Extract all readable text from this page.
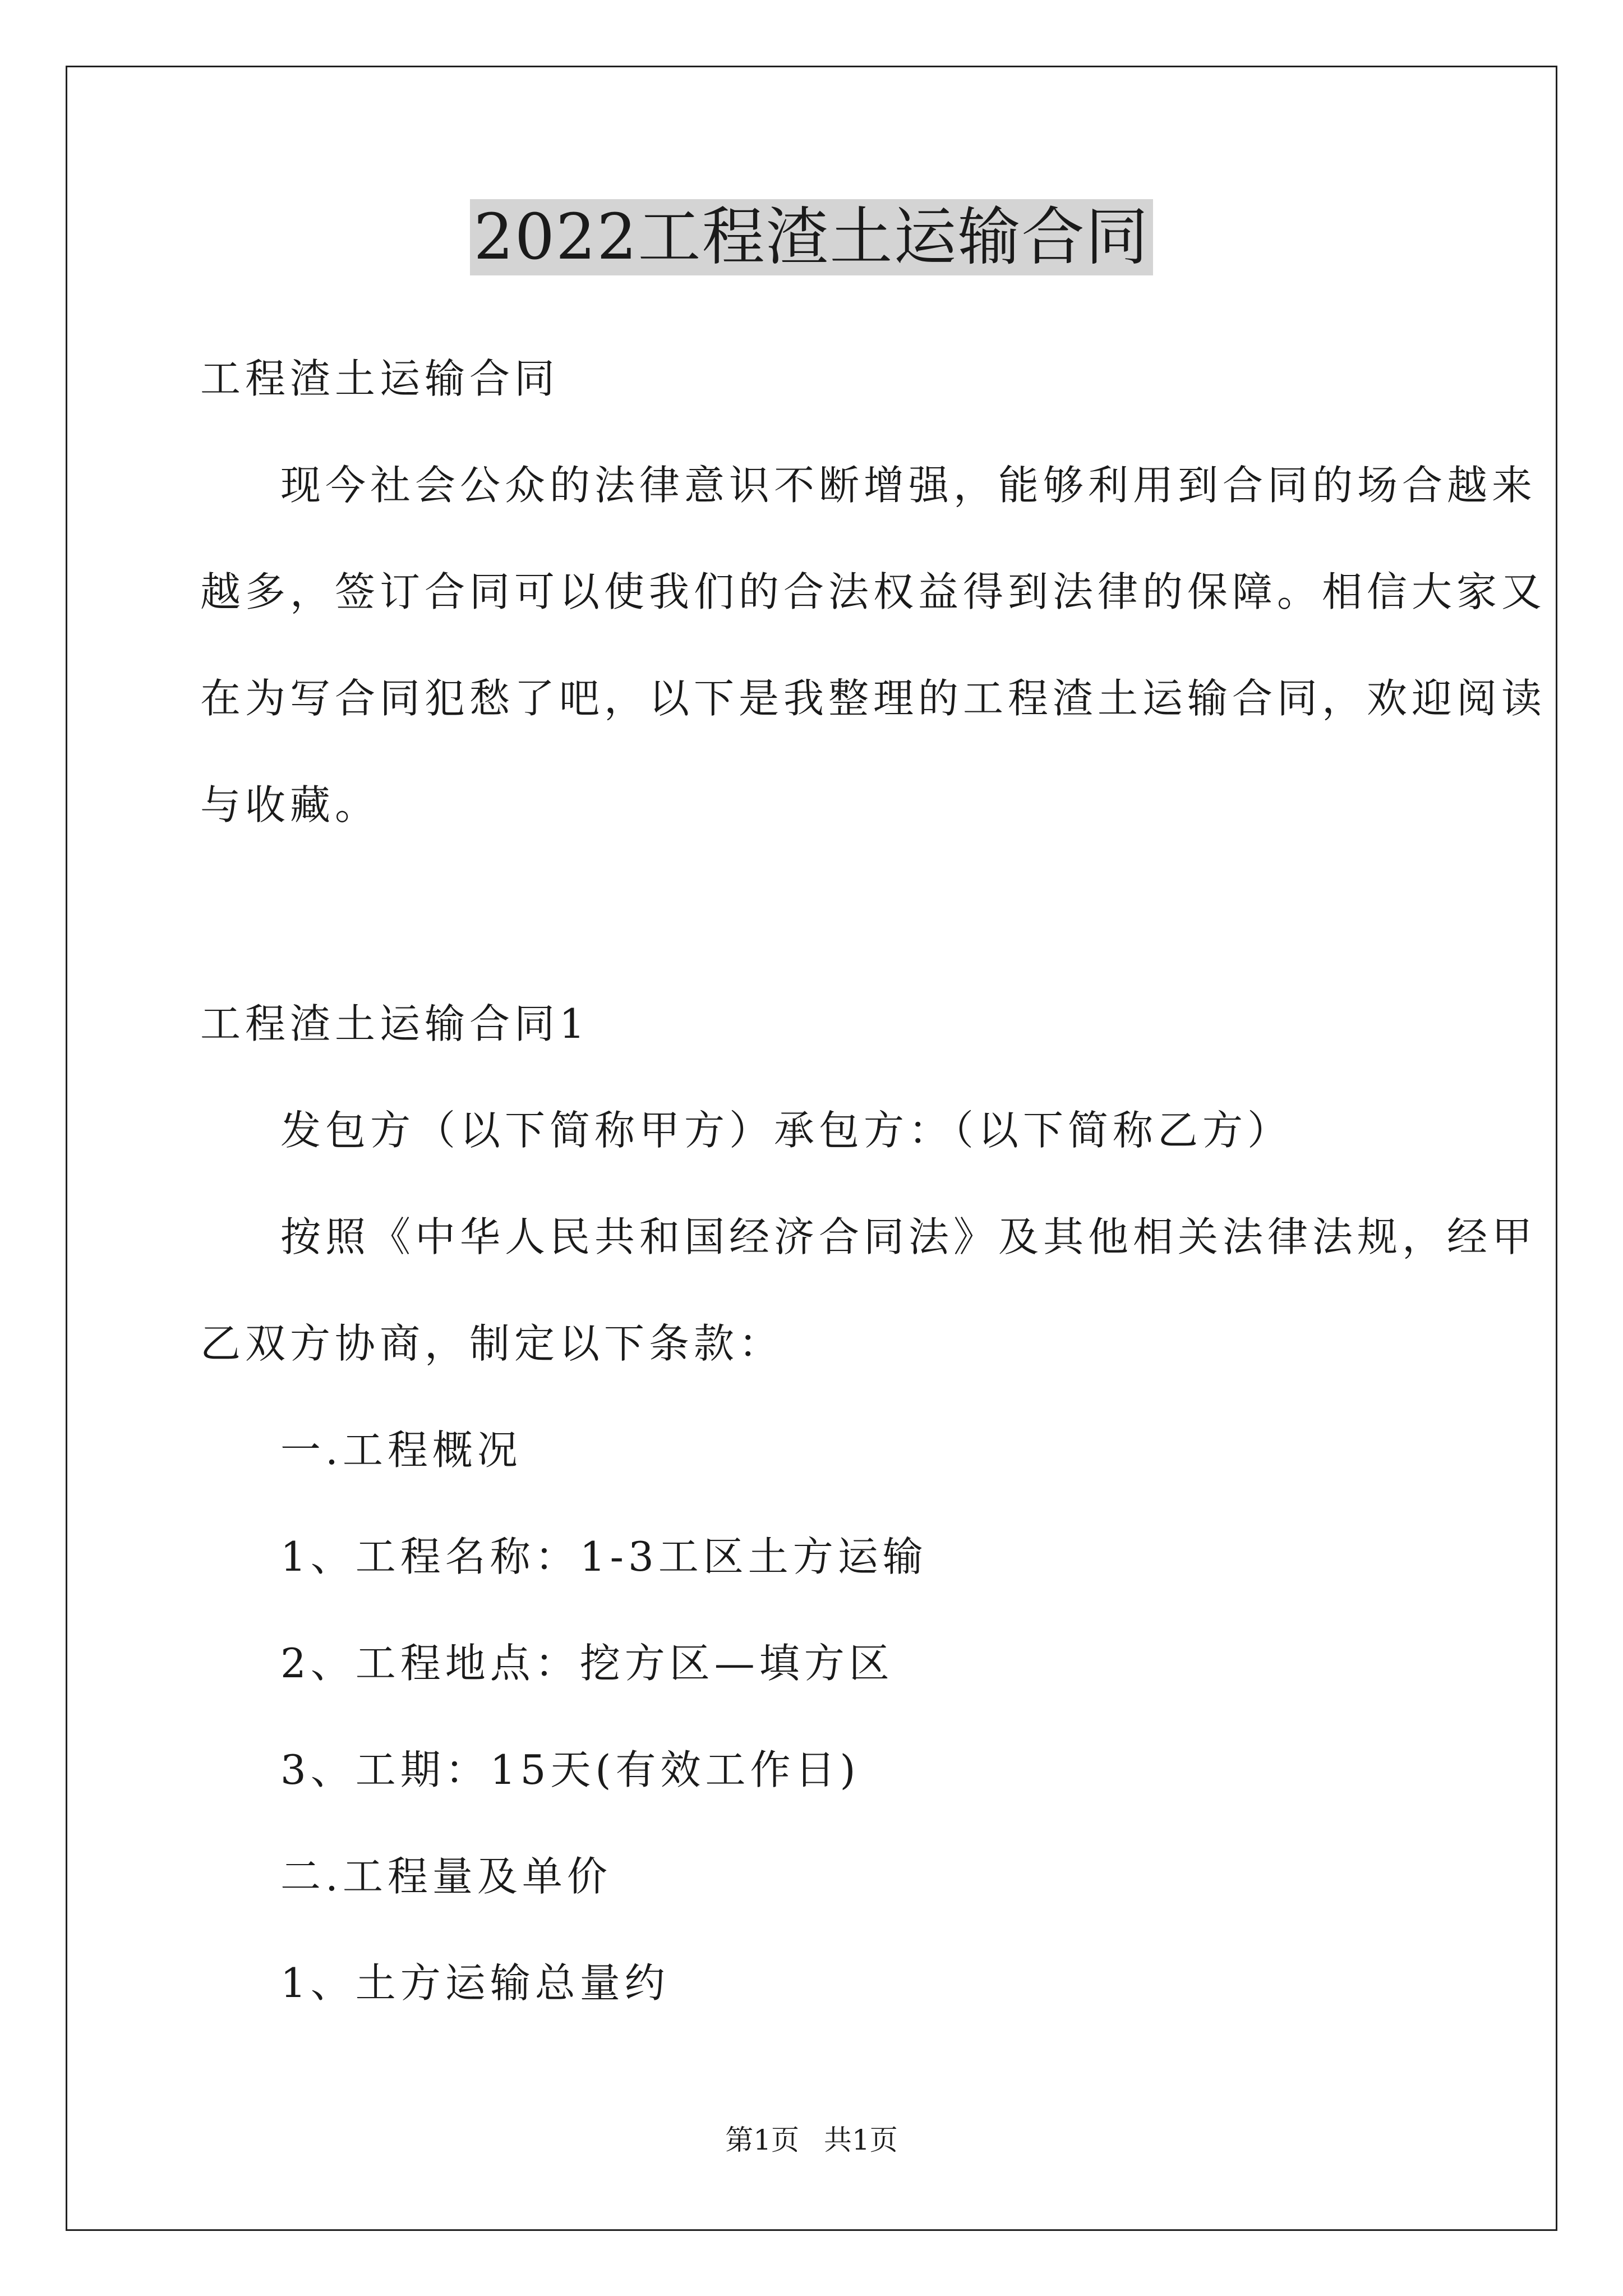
2022工程渣土运输合同
工程渣土运输合同
现今社会公众的法律意识不断增强，能够利用到合同的场合越来
越多，签订合同可以使我们的合法权益得到法律的保障。相信大家又
在为写合同犯愁了吧，以下是我整理的工程渣土运输合同，欢迎阅读
与收藏。
工程渣土运输合同1
发包方（以下简称甲方）承包方：（以下简称乙方）
按照《中华人民共和国经济合同法》及其他相关法律法规，经甲
乙双方协商，制定以下条款：
一.工程概况
1、工程名称：1-3工区土方运输
2、工程地点：挖方区—填方区
3、工期：15天(有效工作日)
二.工程量及单价
1、土方运输总量约
第1页 共1页
